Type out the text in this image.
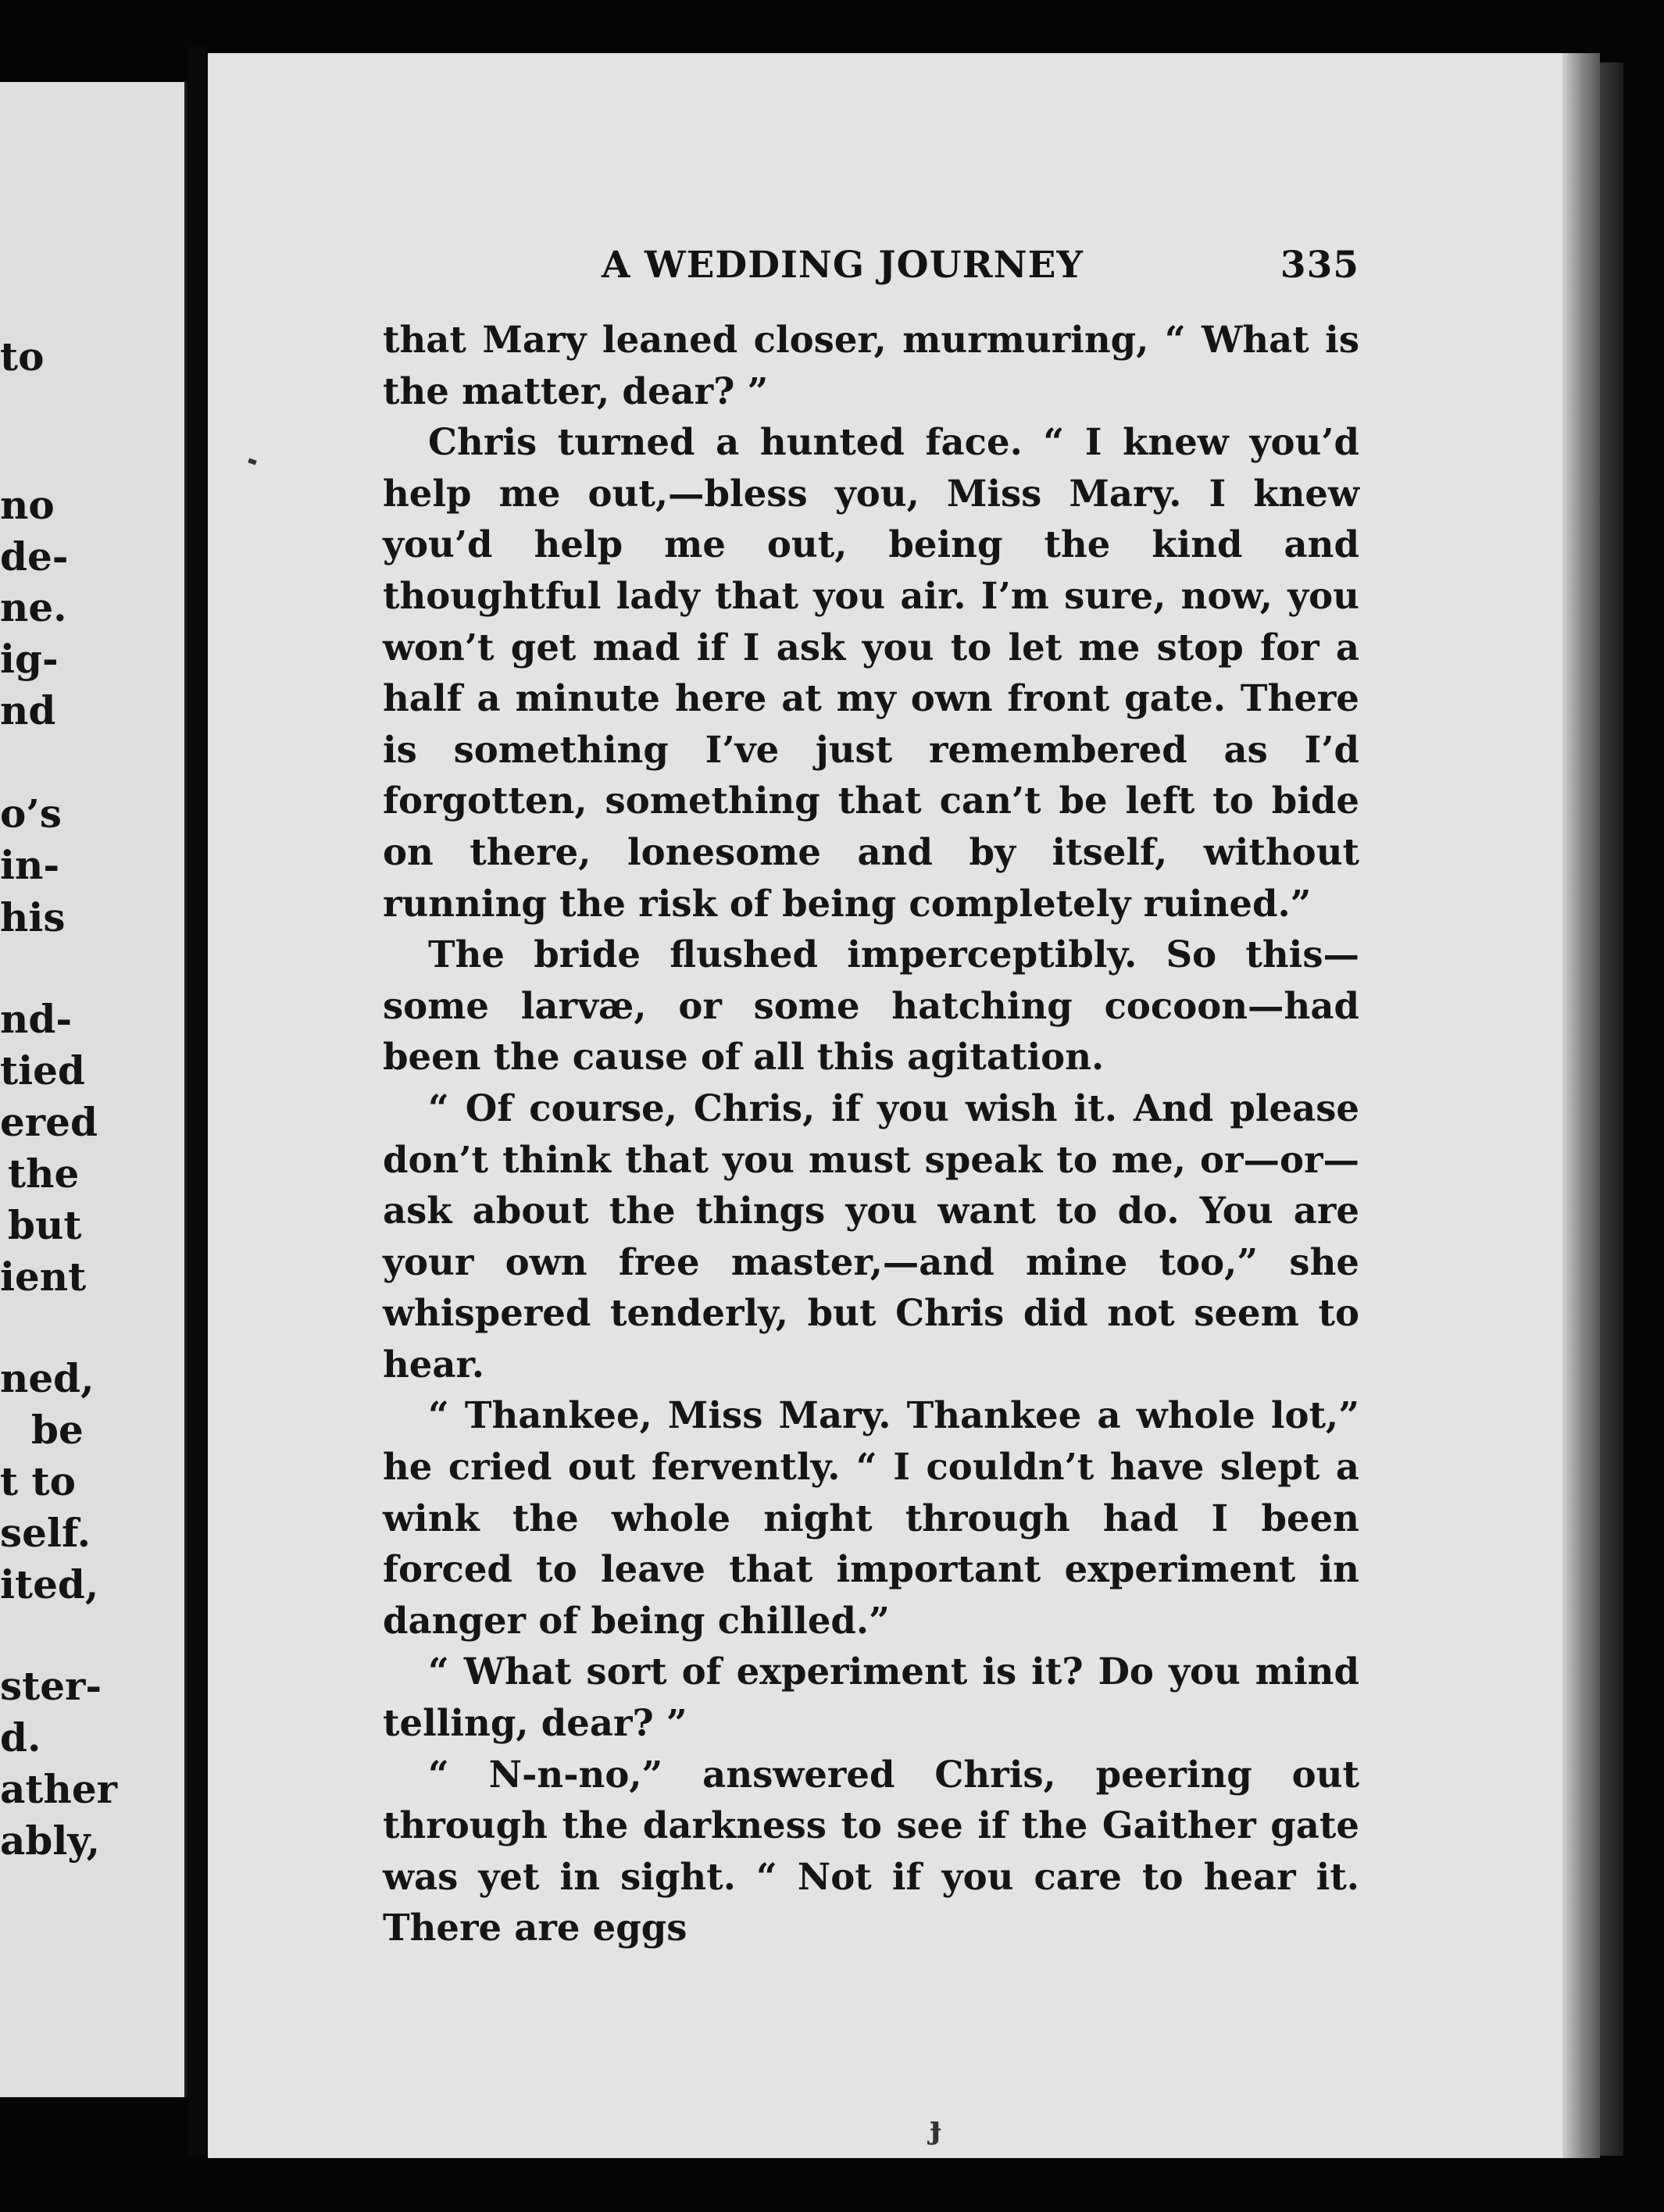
to
no
de-
ne.
ig-
nd
o’s
in-
his
nd-
tied
ered
the
but
ient
ned,
be
t to
self.
ited,
ster-
d.
ather
ably,
A WEDDING JOURNEY	335

that Mary leaned closer, murmuring, “ What is the matter, dear? ”

Chris turned a hunted face. “ I knew you’d help me out,—bless you, Miss Mary. I knew you’d help me out, being the kind and thoughtful lady that you air. I’m sure, now, you won’t get mad if I ask you to let me stop for a half a minute here at my own front gate. There is something I’ve just remembered as I’d forgotten, something that can’t be left to bide on there, lonesome and by itself, without running the risk of being completely ruined.”

The bride flushed imperceptibly. So this—some larvæ, or some hatching cocoon—had been the cause of all this agitation.

“ Of course, Chris, if you wish it. And please don’t think that you must speak to me, or—or— ask about the things you want to do. You are your own free master,—and mine too,” she whispered tenderly, but Chris did not seem to hear.

“ Thankee, Miss Mary. Thankee a whole lot,” he cried out fervently. “ I couldn’t have slept a wink the whole night through had I been forced to leave that important experiment in danger of being chilled.”

“ What sort of experiment is it? Do you mind telling, dear? ”

“ N-n-no,” answered Chris, peering out through the darkness to see if the Gaither gate was yet in sight. “ Not if you care to hear it. There are eggs

ɟ
